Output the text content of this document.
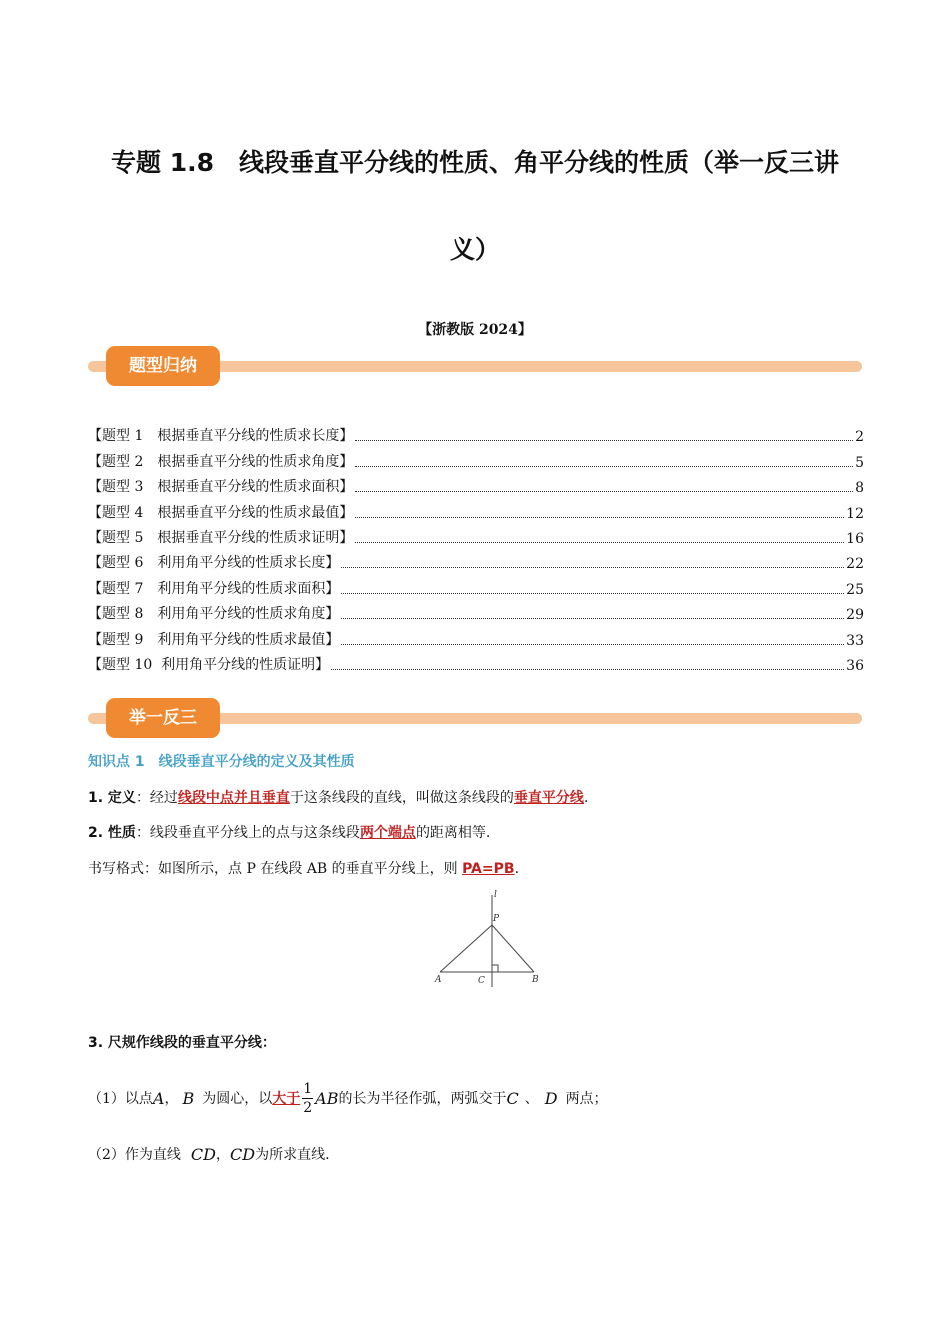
专题 1.8　线段垂直平分线的性质、角平分线的性质（举一反三讲
义）
【浙教版 2024】
题型归纳
【题型 1　根据垂直平分线的性质求长度】	2
【题型 2　根据垂直平分线的性质求角度】	5
【题型 3　根据垂直平分线的性质求面积】	8
【题型 4　根据垂直平分线的性质求最值】	12
【题型 5　根据垂直平分线的性质求证明】	16
【题型 6　利用角平分线的性质求长度】	22
【题型 7　利用角平分线的性质求面积】	25
【题型 8　利用角平分线的性质求角度】	29
【题型 9　利用角平分线的性质求最值】	33
【题型 10  利用角平分线的性质证明】	36
举一反三
知识点 1　线段垂直平分线的定义及其性质
1. 定义：经过线段中点并且垂直于这条线段的直线，叫做这条线段的垂直平分线.
2. 性质：线段垂直平分线上的点与这条线段两个端点的距离相等.
书写格式：如图所示，点 P 在线段 AB 的垂直平分线上，则 PA=PB.
l
P
A	B
C
3. 尺规作线段的垂直平分线：
（1）以点 A ， B 为圆心，以 大于 $\frac{1}{2}$ AB 的长为半径作弧，两弧交于 C 、 D 两点；
（2）作为直线 CD ， CD 为所求直线.
